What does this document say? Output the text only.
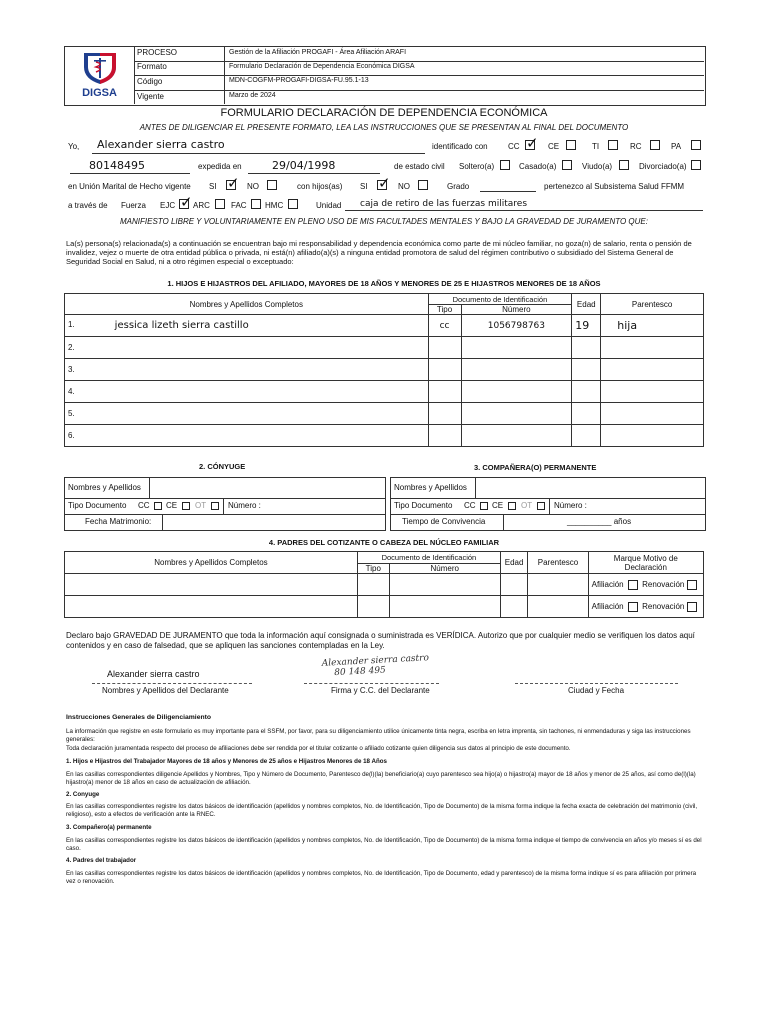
DIGSA
PROCESO	Gestión de la Afiliación PROGAFI - Área Afiliación ARAFI
Formato	Formulario Declaración de Dependencia Económica DIGSA
Código	MDN-COGFM-PROGAFI-DIGSA-FU.95.1-13
Vigente	Marzo de 2024
FORMULARIO DECLARACIÓN DE DEPENDENCIA ECONÓMICA
ANTES DE DILIGENCIAR EL PRESENTE FORMATO, LEA LAS INSTRUCCIONES QUE SE PRESENTAN AL FINAL DEL DOCUMENTO
Yo, Alexander sierra castro	identificado con	CC ✓	CE	TI	RC	PA
80148495	expedida en	29/04/1998	de estado civil Soltero(a)	Casado(a)	Viudo(a)	Divorciado(a)
en Unión Marital de Hecho vigente SI ✓	NO	con hijos(as) SI ✓	NO	Grado	pertenezco al Subsistema Salud FFMM
a través de Fuerza EJC ✓ ARC	FAC HMC	Unidad caja de retiro de las fuerzas militares
MANIFIESTO LIBRE Y VOLUNTARIAMENTE EN PLENO USO DE MIS FACULTADES MENTALES Y BAJO LA GRAVEDAD DE JURAMENTO QUE:
La(s) persona(s) relacionada(s) a continuación se encuentran bajo mi responsabilidad y dependencia económica como parte de mi núcleo familiar, no goza(n) de salario, renta o pensión de invalidez, vejez o muerte de otra entidad pública o privada, ni está(n) afiliado(a)(s) a ninguna entidad promotora de salud del régimen contributivo o subsidiado del Sistema General de Seguridad Social en Salud, ni a otro régimen especial o exceptuado:
1. HIJOS E HIJASTROS DEL AFILIADO, MAYORES DE 18 AÑOS Y MENORES DE 25 E HIJASTROS MENORES DE 18 AÑOS
Nombres y Apellidos Completos	Documento de Identificación		Edad	Parentesco
	Tipo	Número		
1. jessica lizeth sierra castillo	cc	1056798763	19	hija
2.				
3.				
4.				
5.				
6.				
2. CÓNYUGE	3. COMPAÑERA(O) PERMANENTE
Nombres y Apellidos
Tipo Documento CC CE OT	Número :
Fecha Matrimonio:
Nombres y Apellidos
Tipo Documento CC CE OT	Número :
Tiempo de Convivencia	__________ años
4. PADRES DEL COTIZANTE O CABEZA DEL NÚCLEO FAMILIAR
Nombres y Apellidos Completos	Documento de Identificación		Edad	Parentesco	Marque Motivo de Declaración
	Tipo	Número			
					Afiliación Renovación
					Afiliación Renovación
Declaro bajo GRAVEDAD DE JURAMENTO que toda la información aquí consignada o suministrada es VERÍDICA. Autorizo que por cualquier medio se verifiquen los datos aquí contenidos y en caso de falsedad, que se apliquen las sanciones contempladas en la Ley.
Alexander sierra castro
Nombres y Apellidos del Declarante
Alexander sierra castro
80 148 495
Firma y C.C. del Declarante	Ciudad y Fecha
Instrucciones Generales de Diligenciamiento
La información que registre en este formulario es muy importante para el SSFM, por favor, para su diligenciamiento utilice únicamente tinta negra, escriba en letra imprenta, sin tachones, ni enmendaduras y siga las instrucciones generales:
Toda declaración juramentada respecto del proceso de afiliaciones debe ser rendida por el titular cotizante o afiliado cotizante quien diligencia sus datos al principio de este documento.
1. Hijos e Hijastros del Trabajador Mayores de 18 años y Menores de 25 años e Hijastros Menores de 18 Años
En las casillas correspondientes diligencie Apellidos y Nombres, Tipo y Número de Documento, Parentesco de(l)(la) beneficiario(a) cuyo parentesco sea hijo(a) o hijastro(a) mayor de 18 años y menor de 25 años, así como de(l)(la) hijastro(a) menor de 18 años en caso de actualización de afiliación.
2. Conyuge
En las casillas correspondientes registre los datos básicos de identificación (apellidos y nombres completos, No. de Identificación, Tipo de Documento) de la misma forma indique la fecha exacta de celebración del matrimonio (civil, religioso), esto a efectos de verificación ante la RNEC.
3. Compañero(a) permanente
En las casillas correspondientes registre los datos básicos de identificación (apellidos y nombres completos, No. de Identificación, Tipo de Documento) de la misma forma indique el tiempo de convivencia en años y/o meses sí es del caso.
4. Padres del trabajador
En las casillas correspondientes registre los datos básicos de identificación (apellidos y nombres completos, No. de Identificación, Tipo de Documento, edad y parentesco) de la misma forma indique sí es para afiliación por primera vez o renovación.
